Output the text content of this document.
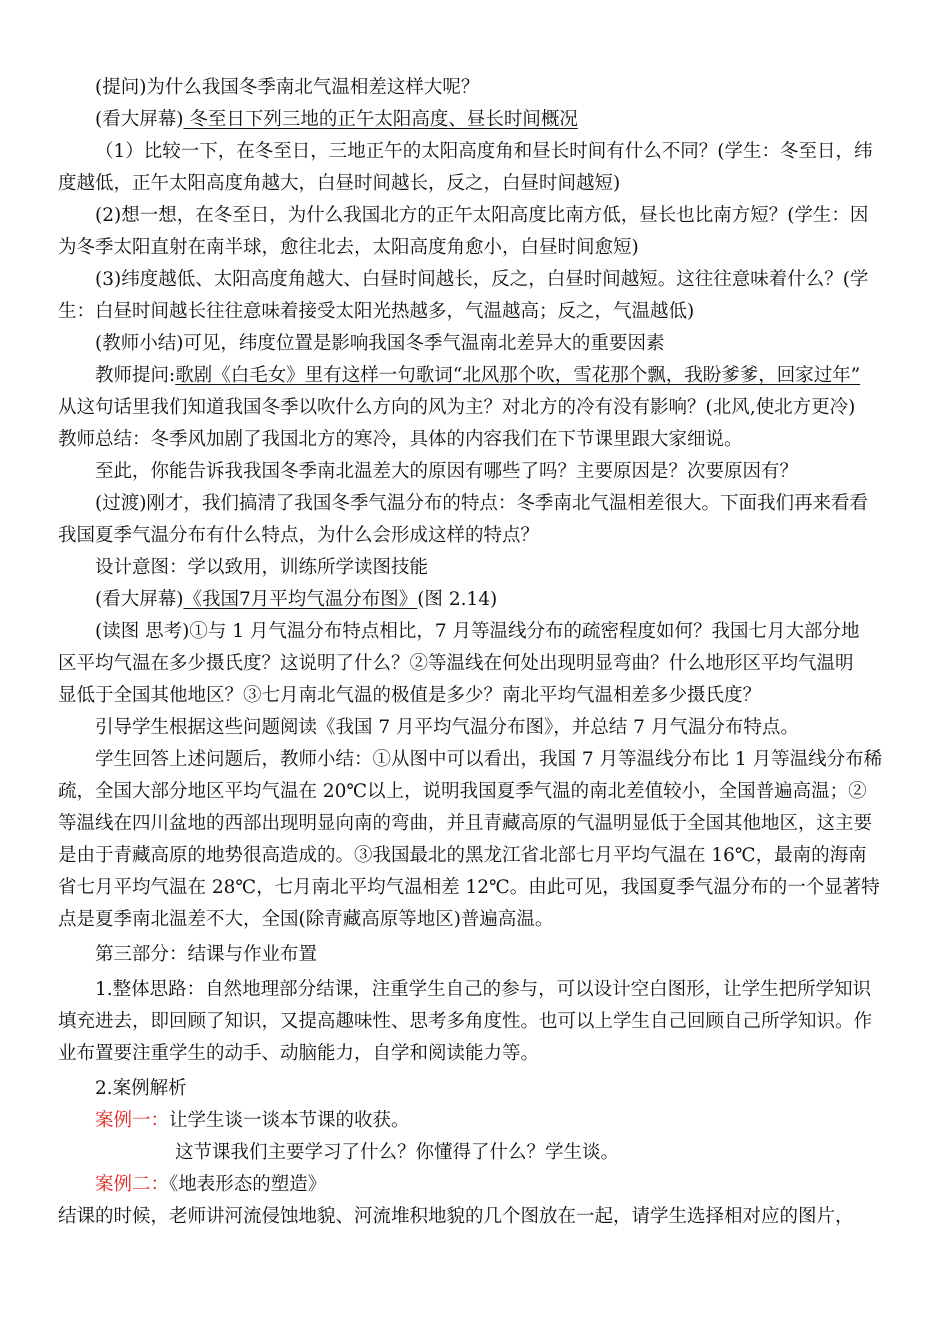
(提问)为什么我国冬季南北气温相差这样大呢？
(看大屏幕) 冬至日下列三地的正午太阳高度、昼长时间概况
（1）比较一下，在冬至日，三地正午的太阳高度角和昼长时间有什么不同？(学生：冬至日，纬
度越低，正午太阳高度角越大，白昼时间越长，反之，白昼时间越短)
(2)想一想，在冬至日，为什么我国北方的正午太阳高度比南方低，昼长也比南方短？(学生：因
为冬季太阳直射在南半球，愈往北去，太阳高度角愈小，白昼时间愈短)
(3)纬度越低、太阳高度角越大、白昼时间越长，反之，白昼时间越短。这往往意味着什么？(学
生：白昼时间越长往往意味着接受太阳光热越多，气温越高；反之，气温越低)
(教师小结)可见，纬度位置是影响我国冬季气温南北差异大的重要因素
教师提问:歌剧《白毛女》里有这样一句歌词“北风那个吹，雪花那个飘，我盼爹爹，回家过年”
从这句话里我们知道我国冬季以吹什么方向的风为主？对北方的冷有没有影响？(北风,使北方更冷)
教师总结：冬季风加剧了我国北方的寒冷，具体的内容我们在下节课里跟大家细说。
至此，你能告诉我我国冬季南北温差大的原因有哪些了吗？主要原因是？次要原因有？
(过渡)刚才，我们搞清了我国冬季气温分布的特点：冬季南北气温相差很大。下面我们再来看看
我国夏季气温分布有什么特点，为什么会形成这样的特点？
设计意图：学以致用，训练所学读图技能
(看大屏幕)《我国7月平均气温分布图》(图 2.14)
(读图 思考)①与 1 月气温分布特点相比，7 月等温线分布的疏密程度如何？我国七月大部分地
区平均气温在多少摄氏度？这说明了什么？②等温线在何处出现明显弯曲？什么地形区平均气温明
显低于全国其他地区？③七月南北气温的极值是多少？南北平均气温相差多少摄氏度？
引导学生根据这些问题阅读《我国 7 月平均气温分布图》，并总结 7 月气温分布特点。
学生回答上述问题后，教师小结：①从图中可以看出，我国 7 月等温线分布比 1 月等温线分布稀
疏，全国大部分地区平均气温在 20℃以上，说明我国夏季气温的南北差值较小，全国普遍高温；②
等温线在四川盆地的西部出现明显向南的弯曲，并且青藏高原的气温明显低于全国其他地区，这主要
是由于青藏高原的地势很高造成的。③我国最北的黑龙江省北部七月平均气温在 16℃，最南的海南
省七月平均气温在 28℃，七月南北平均气温相差 12℃。由此可见，我国夏季气温分布的一个显著特
点是夏季南北温差不大，全国(除青藏高原等地区)普遍高温。
第三部分：结课与作业布置
1.整体思路：自然地理部分结课，注重学生自己的参与，可以设计空白图形，让学生把所学知识
填充进去，即回顾了知识，又提高趣味性、思考多角度性。也可以上学生自己回顾自己所学知识。作
业布置要注重学生的动手、动脑能力，自学和阅读能力等。
2.案例解析
案例一：让学生谈一谈本节课的收获。
这节课我们主要学习了什么？你懂得了什么？学生谈。
案例二：《地表形态的塑造》
结课的时候，老师讲河流侵蚀地貌、河流堆积地貌的几个图放在一起，请学生选择相对应的图片，
